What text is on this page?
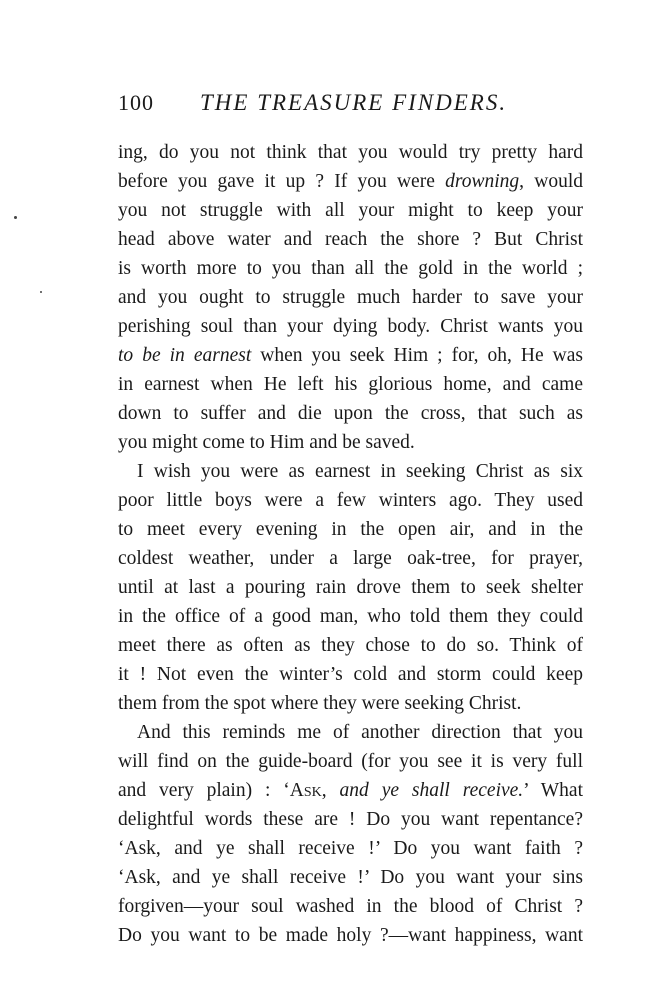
100 THE TREASURE FINDERS.
ing, do you not think that you would try pretty hard
before you gave it up ? If you were drowning, would
you not struggle with all your might to keep your
head above water and reach the shore ? But Christ
is worth more to you than all the gold in the world ;
and you ought to struggle much harder to save your
perishing soul than your dying body. Christ wants you
to be in earnest when you seek Him ; for, oh, He was
in earnest when He left his glorious home, and came
down to suffer and die upon the cross, that such as
you might come to Him and be saved.
I wish you were as earnest in seeking Christ as six
poor little boys were a few winters ago. They used
to meet every evening in the open air, and in the
coldest weather, under a large oak-tree, for prayer,
until at last a pouring rain drove them to seek shelter
in the office of a good man, who told them they could
meet there as often as they chose to do so. Think of
it ! Not even the winter’s cold and storm could keep
them from the spot where they were seeking Christ.
And this reminds me of another direction that you
will find on the guide-board (for you see it is very full
and very plain) : ‘Ask, and ye shall receive.’ What
delightful words these are ! Do you want repentance?
‘Ask, and ye shall receive !’ Do you want faith ?
‘Ask, and ye shall receive !’ Do you want your sins
forgiven—your soul washed in the blood of Christ ?
Do you want to be made holy ?—want happiness, want
